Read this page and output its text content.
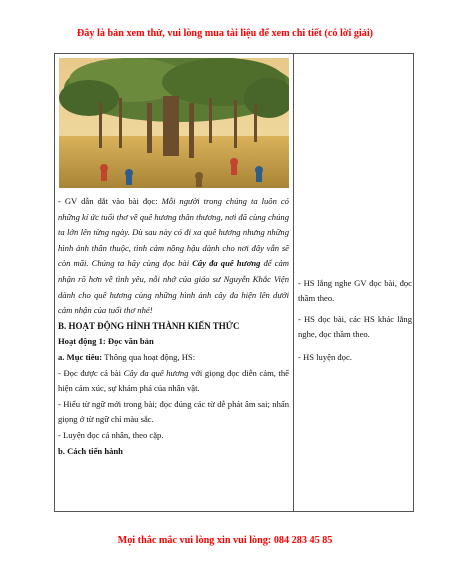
Đây là bản xem thử, vui lòng mua tài liệu để xem chi tiết (có lời giải)

- GV dẫn dắt vào bài đọc: Mỗi người trong chúng ta luôn có những kí ức tuổi thơ về quê hương thân thương, nơi đã cùng chúng ta lớn lên từng ngày. Dù sau này có đi xa quê hương nhưng những hình ảnh thân thuộc, tình cảm nồng hậu dành cho nơi đây vẫn sẽ còn mãi. Chúng ta hãy cùng đọc bài Cây đa quê hương để cảm nhận rõ hơn về tình yêu, nỗi nhớ của giáo sư Nguyễn Khắc Viện dành cho quê hương cùng những hình ảnh cây đa hiện lên dưới cảm nhận của tuổi thơ nhé!

B. HOẠT ĐỘNG HÌNH THÀNH KIẾN THỨC

Hoạt động 1: Đọc văn bản

a. Mục tiêu: Thông qua hoạt động, HS:

- Đọc được cả bài Cây đa quê hương với giọng đọc diễn cảm, thể hiện cảm xúc, sự khám phá của nhân vật.

- Hiểu từ ngữ mới trong bài; đọc đúng các từ dễ phát âm sai; nhấn giọng ở từ ngữ chỉ màu sắc.

- Luyện đọc cá nhân, theo cặp.

b. Cách tiến hành

- HS lắng nghe GV đọc bài, đọc thầm theo.

- HS đọc bài, các HS khác lắng nghe, đọc thầm theo.

- HS luyện đọc.

Mọi thắc mắc vui lòng xin vui lòng: 084 283 45 85
